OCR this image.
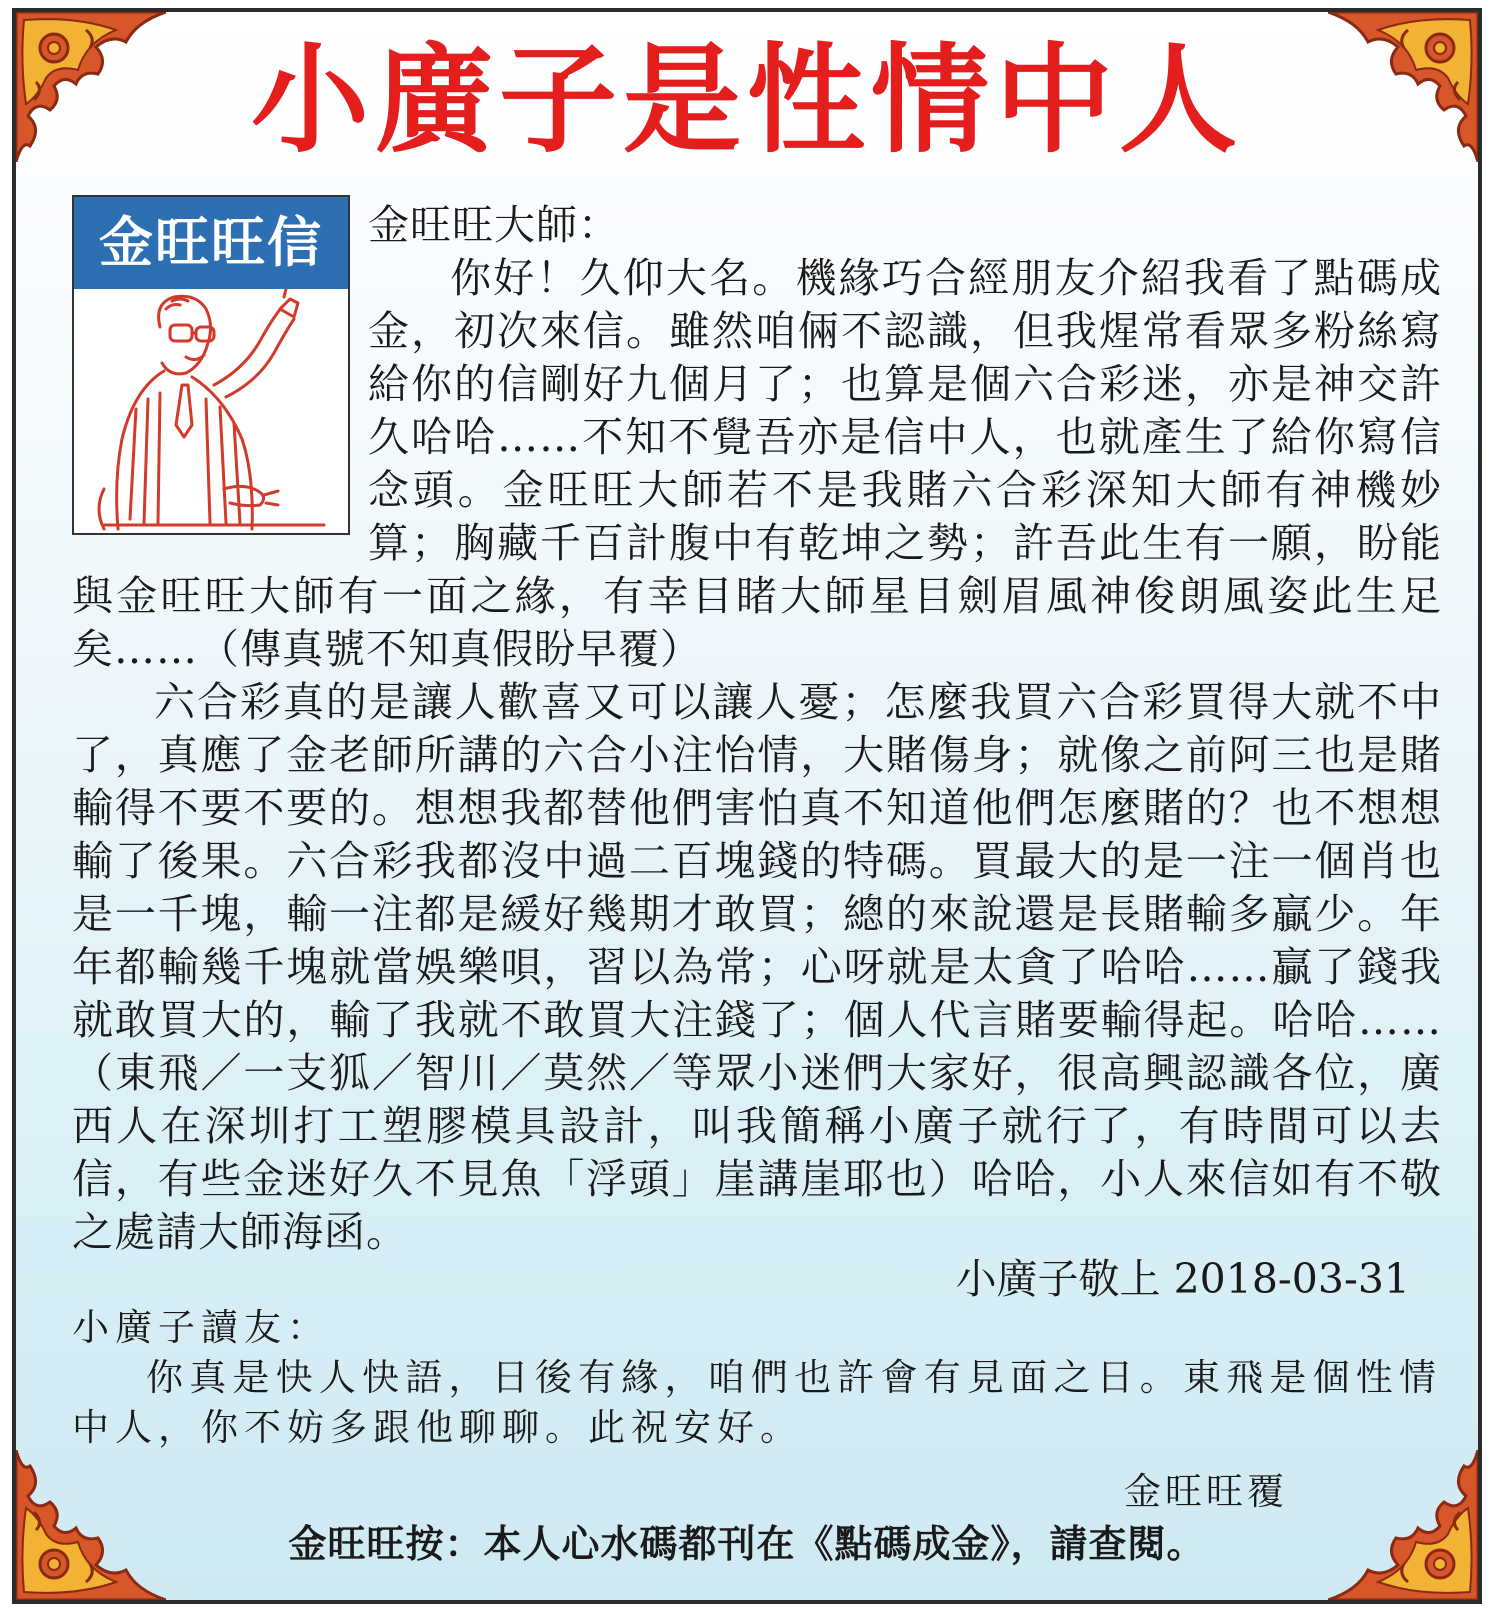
小廣子是性情中人
金旺旺信箱

金旺旺大師：

你好！久仰大名。機緣巧合經朋友介紹我看了點碼成金，初次來信。雖然咱倆不認識，但我煋常看眾多粉絲寫給你的信剛好九個月了；也算是個六合彩迷，亦是神交許久哈哈……不知不覺吾亦是信中人，也就產生了給你寫信念頭。金旺旺大師若不是我賭六合彩深知大師有神機妙算；胸藏千百計腹中有乾坤之勢；許吾此生有一願，盼能與金旺旺大師有一面之緣，有幸目睹大師星目劍眉風神俊朗風姿此生足矣……（傳真號不知真假盼早覆）

六合彩真的是讓人歡喜又可以讓人憂；怎麼我買六合彩買得大就不中了，真應了金老師所講的六合小注怡情，大賭傷身；就像之前阿三也是賭輸得不要不要的。想想我都替他們害怕真不知道他們怎麼賭的？也不想想輸了後果。六合彩我都沒中過二百塊錢的特碼。買最大的是一注一個肖也是一千塊，輸一注都是緩好幾期才敢買；總的來說還是長賭輸多贏少。年年都輸幾千塊就當娛樂唄，習以為常；心呀就是太貪了哈哈……贏了錢我就敢買大的，輸了我就不敢買大注錢了；個人代言賭要輸得起。哈哈……（東飛／一支狐／智川／莫然／等眾小迷們大家好，很高興認識各位，廣西人在深圳打工塑膠模具設計，叫我簡稱小廣子就行了，有時間可以去信，有些金迷好久不見魚「浮頭」崖講崖耶也）哈哈，小人來信如有不敬之處請大師海函。

小廣子敬上 2018-03-31

小廣子讀友：

你真是快人快語，日後有緣，咱們也許會有見面之日。東飛是個性情中人，你不妨多跟他聊聊。此祝安好。

金旺旺覆
金旺旺按：本人心水碼都刊在《點碼成金》，請查閱。
